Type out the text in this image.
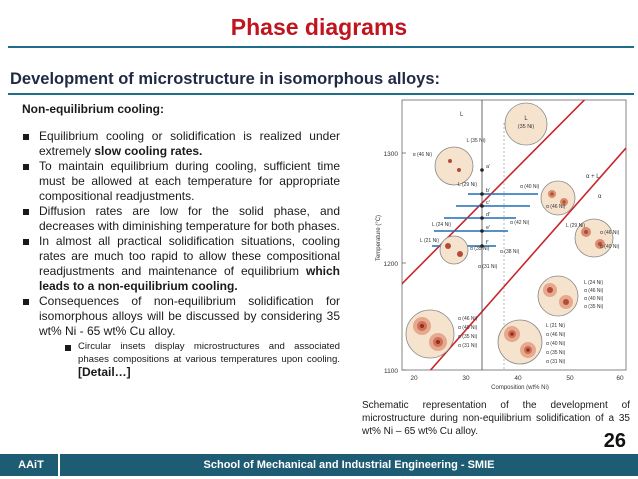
Phase diagrams
Development of microstructure in isomorphous alloys:
Non-equilibrium cooling:
Equilibrium cooling or solidification is realized under extremely slow cooling rates.
To maintain equilibrium during cooling, sufficient time must be allowed at each temperature for appropriate compositional readjustments.
Diffusion rates are low for the solid phase, and decreases with diminishing temperature for both phases.
In almost all practical solidification situations, cooling rates are much too rapid to allow these compositional readjustments and maintenance of equilibrium which leads to a non-equilibrium cooling.
Consequences of non-equilibrium solidification for isomorphous alloys will be discussed by considering 35 wt% Ni - 65 wt% Cu alloy.
Circular insets display microstructures and associated phases compositions at various temperatures upon cooling. [Detail…]
1300
1200
1100
Temperature (°C)
20	30	40	50	60
Composition (wt% Ni)
L
α + L
α
a'
b'
c'
d'
e'
f'
L
(35 Ni)
α (46 Ni)
L (35 Ni)
L (29 Ni)	α (40 Ni)
α (46 Ni)
L (24 Ni)	α (42 Ni)	L (29 Ni)
α (46 Ni)
α (40 Ni)
L (21 Ni)
α (35 Ni) α (38 Ni)
α (31 Ni)
L (24 Ni)
α (46 Ni)
α (40 Ni)
α (35 Ni)
α (46 Ni)
α (40 Ni)
α (35 Ni)
α (31 Ni)
L (21 Ni)
α (46 Ni)
α (40 Ni)
α (35 Ni)
α (31 Ni)
Schematic representation of the development of microstructure during non-equilibrium solidification of a 35 wt% Ni – 65 wt% Cu alloy.	26
AAiT	School of Mechanical and Industrial Engineering - SMIE
